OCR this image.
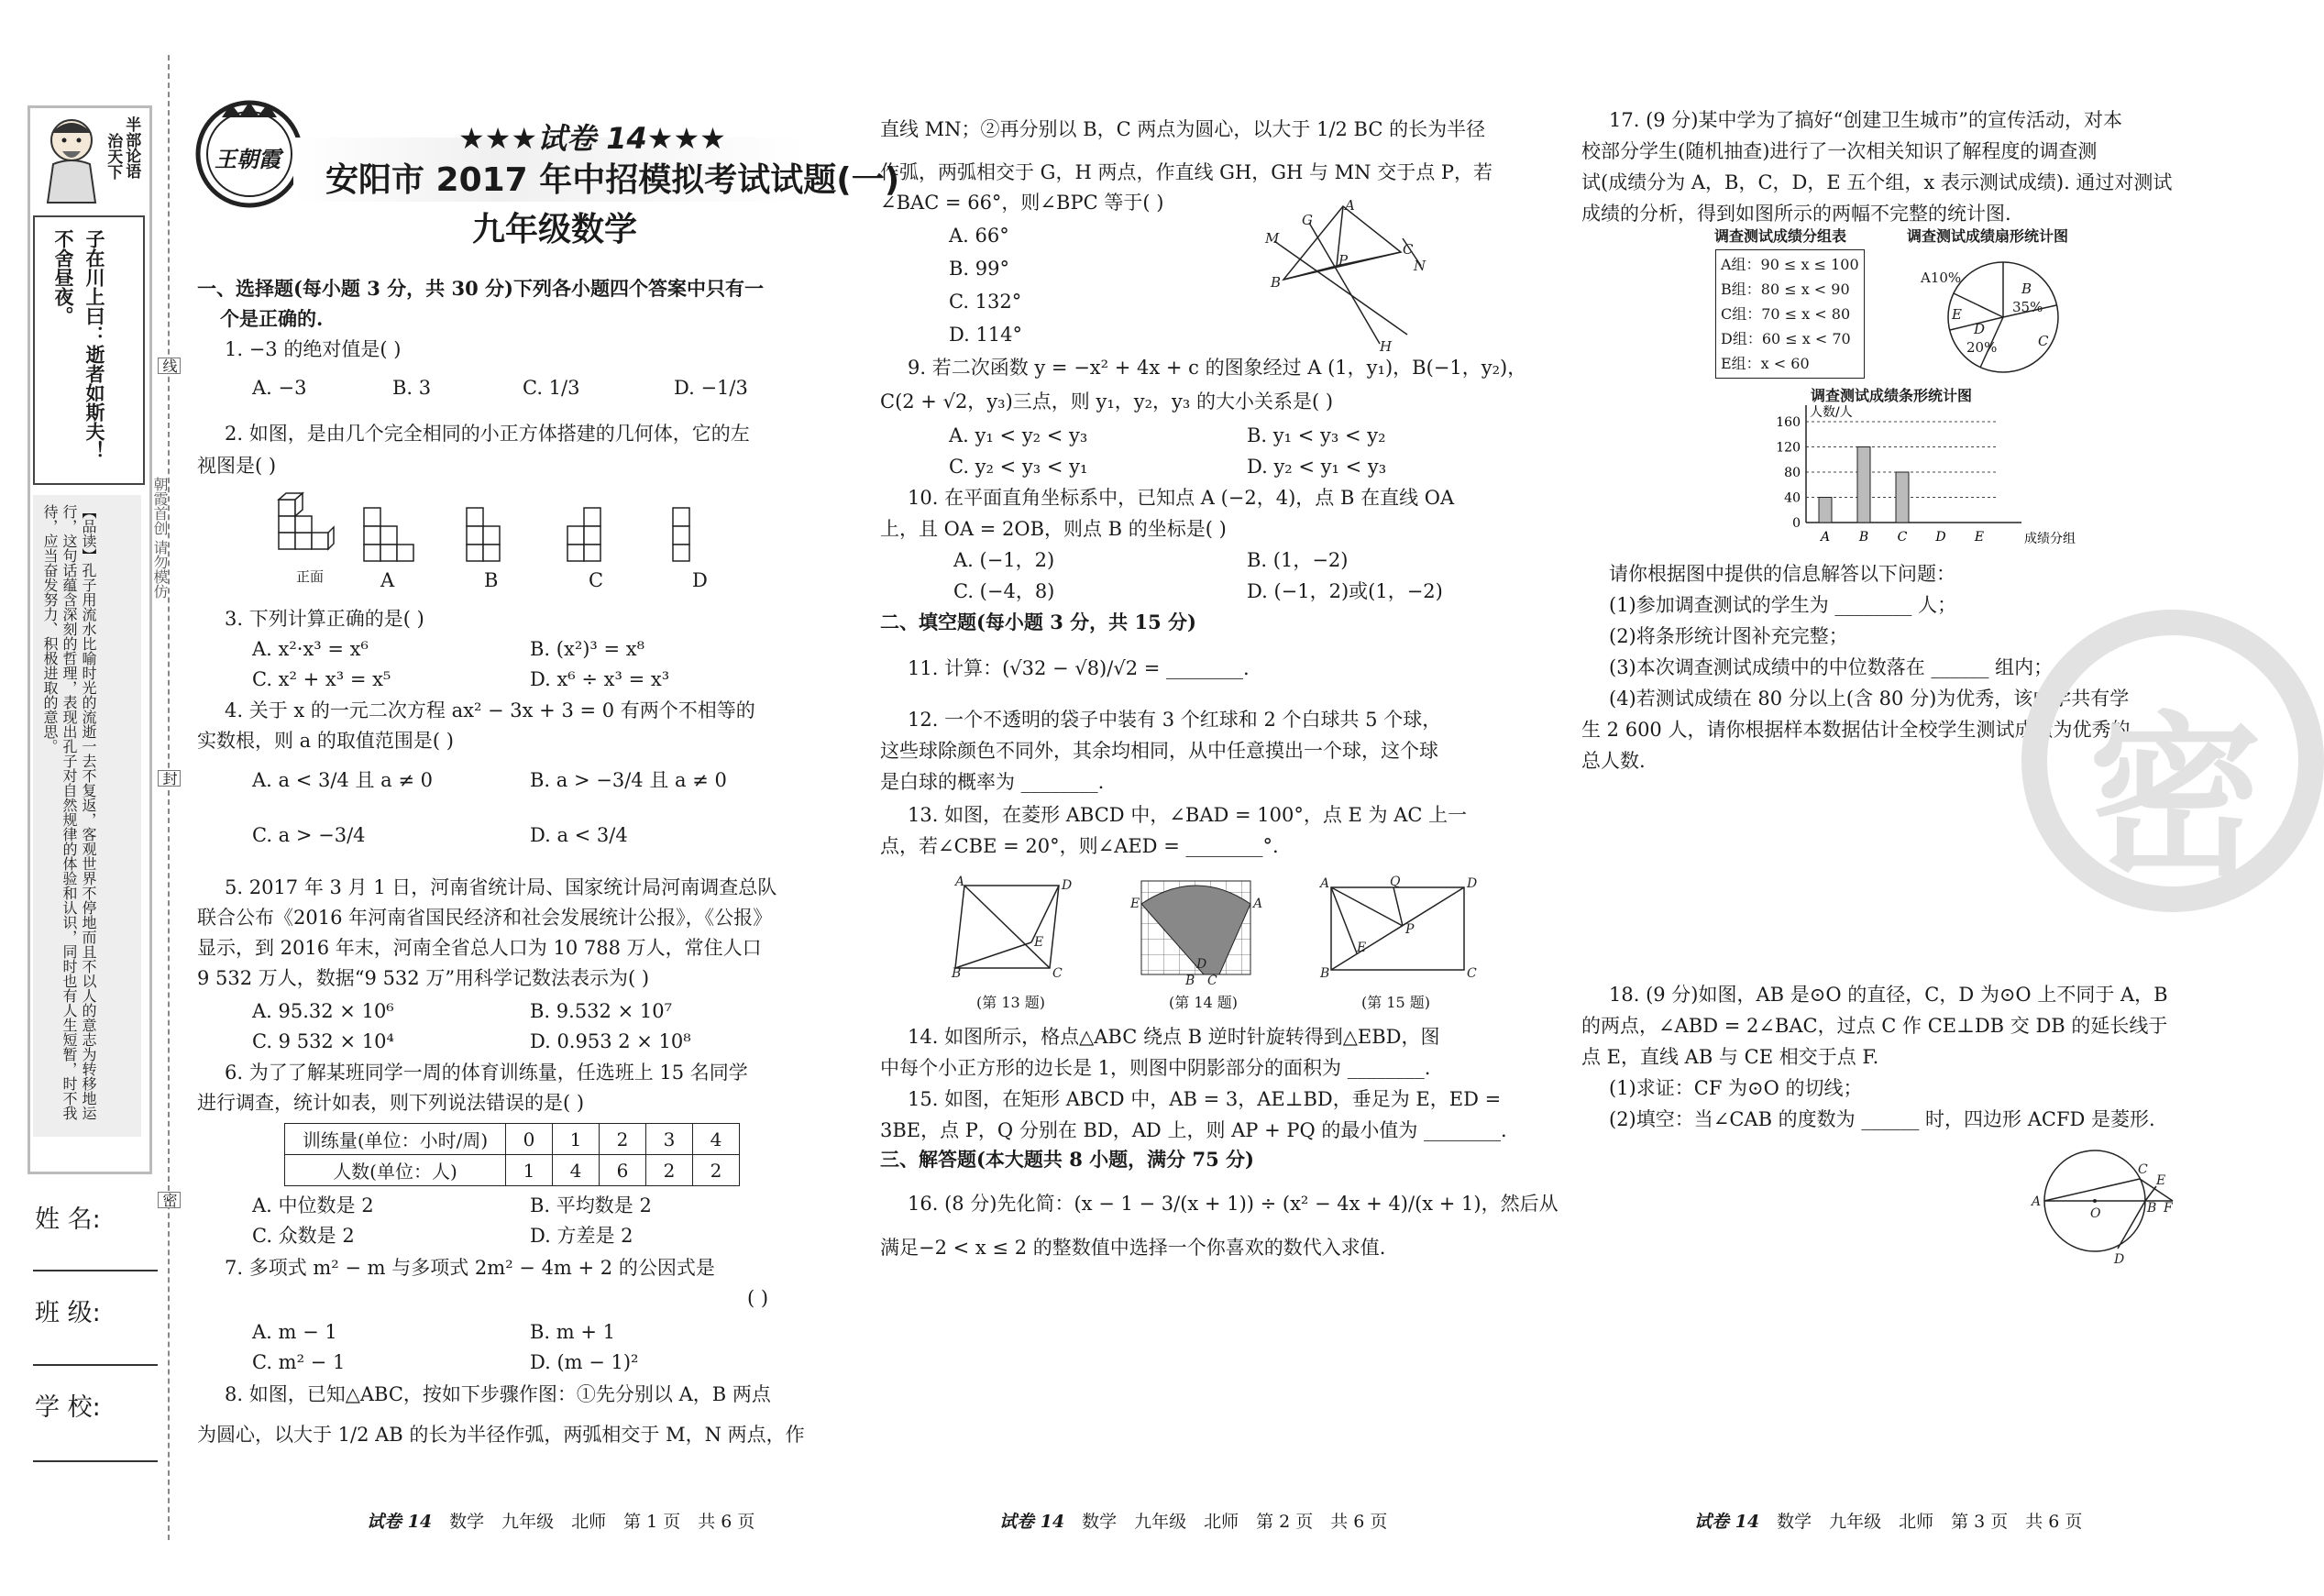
半部论语
治天下
子在川上曰：逝者如斯夫！不舍昼夜。
【品读】孔子用流水比喻时光的流逝一去不复返，客观世界不停地而且不以人的意志为转移地运行，这句话蕴含深刻的哲理，表现出孔子对自然规律的体验和认识，同时也有人生短暂，时不我待，应当奋发努力、积极进取的意思。
线
封
密
朝霞首创 请勿模仿
姓 名:
班 级:
学 校:
王朝霞
★★★试卷 14★★★
安阳市 2017 年中招模拟考试试题(一)
九年级数学
一、选择题(每小题 3 分，共 30 分)下列各小题四个答案中只有一
个是正确的.
1. −3 的绝对值是( )
A. −3	B. 3	C. 1/3	D. −1/3
2. 如图，是由几个完全相同的小正方体搭建的几何体，它的左
视图是( )
正面	A	B	C	D
3. 下列计算正确的是( )
A. x²·x³ = x⁶	B. (x²)³ = x⁸
C. x² + x³ = x⁵	D. x⁶ ÷ x³ = x³
4. 关于 x 的一元二次方程 ax² − 3x + 3 = 0 有两个不相等的
实数根，则 a 的取值范围是( )
A. a < 3/4 且 a ≠ 0	B. a > −3/4 且 a ≠ 0
C. a > −3/4	D. a < 3/4
5. 2017 年 3 月 1 日，河南省统计局、国家统计局河南调查总队
联合公布《2016 年河南省国民经济和社会发展统计公报》，《公报》
显示，到 2016 年末，河南全省总人口为 10 788 万人，常住人口
9 532 万人，数据“9 532 万”用科学记数法表示为( )
A. 95.32 × 10⁶	B. 9.532 × 10⁷
C. 9 532 × 10⁴	D. 0.953 2 × 10⁸
6. 为了了解某班同学一周的体育训练量，任选班上 15 名同学
进行调查，统计如表，则下列说法错误的是( )
训练量(单位：小时/周)	0	1	2	3	4
人数(单位：人)	1	4	6	2	2
A. 中位数是 2	B. 平均数是 2
C. 众数是 2	D. 方差是 2
7. 多项式 m² − m 与多项式 2m² − 4m + 2 的公因式是
( )
A. m − 1	B. m + 1
C. m² − 1	D. (m − 1)²
8. 如图，已知△ABC，按如下步骤作图：①先分别以 A，B 两点
为圆心，以大于 1/2 AB 的长为半径作弧，两弧相交于 M，N 两点，作
直线 MN；②再分别以 B，C 两点为圆心，以大于 1/2 BC 的长为半径
作弧，两弧相交于 G，H 两点，作直线 GH，GH 与 MN 交于点 P，若
∠BAC = 66°，则∠BPC 等于( )
A. 66°
B. 99°
C. 132°
D. 114°
M
G
A
P
C
B
N
H
9. 若二次函数 y = −x² + 4x + c 的图象经过 A (1，y₁)，B(−1，y₂)，
C(2 + √2，y₃)三点，则 y₁，y₂，y₃ 的大小关系是( )
A. y₁ < y₂ < y₃	B. y₁ < y₃ < y₂
C. y₂ < y₃ < y₁	D. y₂ < y₁ < y₃
10. 在平面直角坐标系中，已知点 A (−2，4)，点 B 在直线 OA
上，且 OA = 2OB，则点 B 的坐标是( )
A. (−1，2)	B. (1，−2)
C. (−4，8)	D. (−1，2)或(1，−2)
二、填空题(每小题 3 分，共 15 分)
11. 计算：(√32 − √8)/√2 = ________.
12. 一个不透明的袋子中装有 3 个红球和 2 个白球共 5 个球，
这些球除颜色不同外，其余均相同，从中任意摸出一个球，这个球
是白球的概率为 ________.
13. 如图，在菱形 ABCD 中，∠BAD = 100°，点 E 为 AC 上一
点，若∠CBE = 20°，则∠AED = ________°.
A	D
B	C
E
(第 13 题)
E	A
B C
D
(第 14 题)
A	D
B	C
E
P
Q
(第 15 题)
14. 如图所示，格点△ABC 绕点 B 逆时针旋转得到△EBD，图
中每个小正方形的边长是 1，则图中阴影部分的面积为 ________.
15. 如图，在矩形 ABCD 中，AB = 3，AE⊥BD，垂足为 E，ED =
3BE，点 P，Q 分别在 BD，AD 上，则 AP + PQ 的最小值为 ________.
三、解答题(本大题共 8 小题，满分 75 分)
16. (8 分)先化简：(x − 1 − 3/(x + 1)) ÷ (x² − 4x + 4)/(x + 1)，然后从
满足−2 < x ≤ 2 的整数值中选择一个你喜欢的数代入求值.
17. (9 分)某中学为了搞好“创建卫生城市”的宣传活动，对本
校部分学生(随机抽查)进行了一次相关知识了解程度的调查测
试(成绩分为 A，B，C，D，E 五个组，x 表示测试成绩). 通过对测试
成绩的分析，得到如图所示的两幅不完整的统计图.
调查测试成绩分组表	调查测试成绩扇形统计图
A组：90 ≤ x ≤ 100
B组：80 ≤ x < 90
C组：70 ≤ x < 80
D组：60 ≤ x < 70
E组：x < 60
A10%
B
35%
C
D
20%
E
调查测试成绩条形统计图
0
40
80
120
160
人数/人
成绩分组
A B C D E
请你根据图中提供的信息解答以下问题：
(1)参加调查测试的学生为 ________ 人；
(2)将条形统计图补充完整；
(3)本次调查测试成绩中的中位数落在 ______ 组内；
(4)若测试成绩在 80 分以上(含 80 分)为优秀，该中学共有学
生 2 600 人，请你根据样本数据估计全校学生测试成绩为优秀的
总人数.
18. (9 分)如图，AB 是⊙O 的直径，C，D 为⊙O 上不同于 A，B
的两点，∠ABD = 2∠BAC，过点 C 作 CE⊥DB 交 DB 的延长线于
点 E，直线 AB 与 CE 相交于点 F.
(1)求证：CF 为⊙O 的切线；
(2)填空：当∠CAB 的度数为 ______ 时，四边形 ACFD 是菱形.
A
O	B F
C
E
D
密
试卷 14　 数学　九年级　北师　第 1 页　共 6 页	试卷 14　 数学　九年级　北师　第 2 页　共 6 页	试卷 14　 数学　九年级　北师　第 3 页　共 6 页
